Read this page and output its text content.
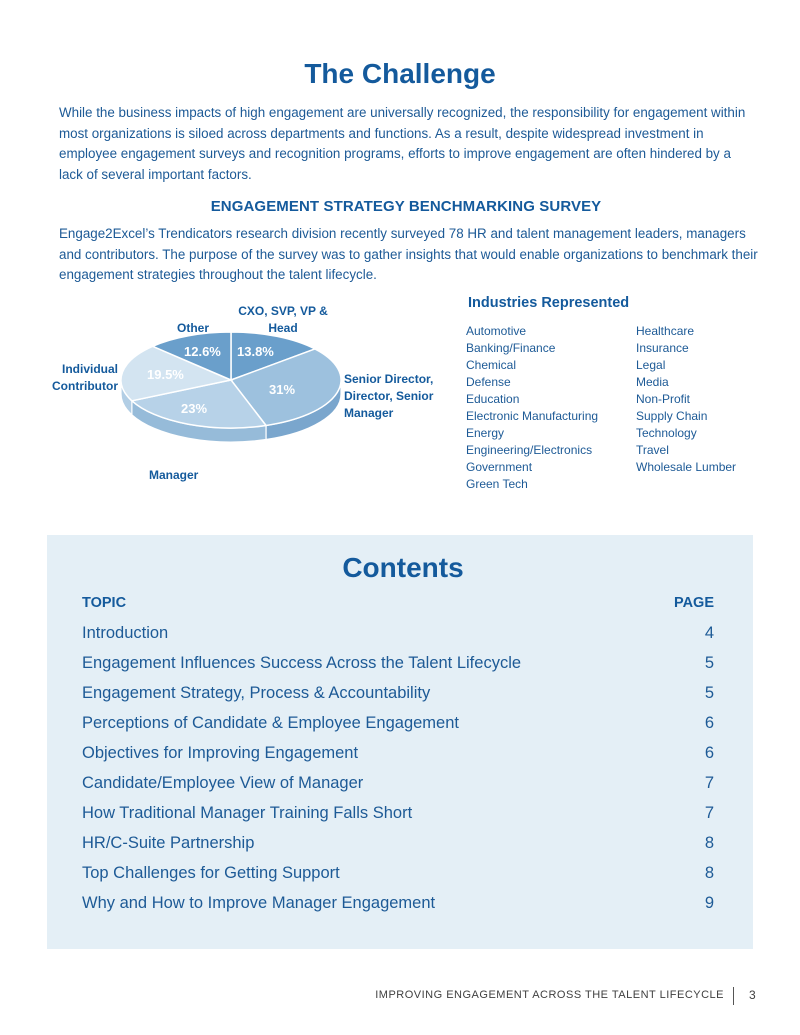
The Challenge

While the business impacts of high engagement are universally recognized, the responsibility for engagement within most organizations is siloed across departments and functions. As a result, despite widespread investment in employee engagement surveys and recognition programs, efforts to improve engagement are often hindered by a lack of several important factors.

ENGAGEMENT STRATEGY BENCHMARKING SURVEY

Engage2Excel’s Trendicators research division recently surveyed 78 HR and talent management leaders, managers and contributors. The purpose of the survey was to gather insights that would enable organizations to benchmark their engagement strategies throughout the talent lifecycle.

13.8%
31%
23%
19.5%
12.6%
CXO, SVP, VP &
Head
Senior Director,
Director, Senior
Manager
Manager
Individual
Contributor
Other
Industries Represented
Automotive
Banking/Finance
Chemical
Defense
Education
Electronic Manufacturing
Energy
Engineering/Electronics
Government
Green Tech
Healthcare
Insurance
Legal
Media
Non-Profit
Supply Chain
Technology
Travel
Wholesale Lumber
Contents
TOPIC	PAGE
Introduction	4
Engagement Influences Success Across the Talent Lifecycle	5
Engagement Strategy, Process & Accountability	5
Perceptions of Candidate & Employee Engagement	6
Objectives for Improving Engagement	6
Candidate/Employee View of Manager	7
How Traditional Manager Training Falls Short	7
HR/C-Suite Partnership	8
Top Challenges for Getting Support	8
Why and How to Improve Manager Engagement	9
IMPROVING ENGAGEMENT ACROSS THE TALENT LIFECYCLE	3
